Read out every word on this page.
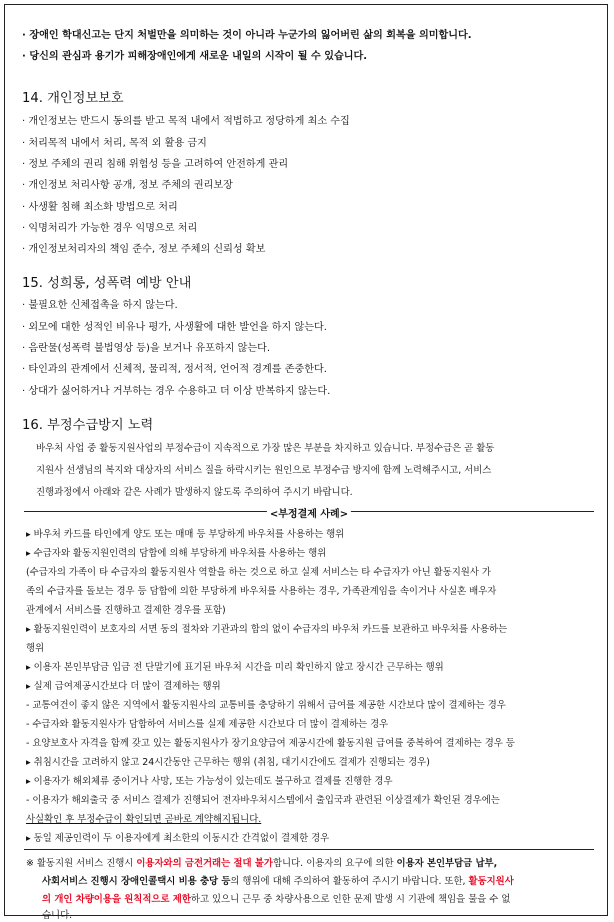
· 장애인 학대신고는 단지 처벌만을 의미하는 것이 아니라 누군가의 잃어버린 삶의 회복을 의미합니다.
· 당신의 관심과 용기가 피해장애인에게 새로운 내일의 시작이 될 수 있습니다.
14. 개인정보보호
· 개인정보는 반드시 동의를 받고 목적 내에서 적법하고 정당하게 최소 수집
· 처리목적 내에서 처리, 목적 외 활용 금지
· 정보 주체의 권리 침해 위험성 등을 고려하여 안전하게 관리
· 개인정보 처리사항 공개, 정보 주체의 권리보장
· 사생활 침해 최소화 방법으로 처리
· 익명처리가 가능한 경우 익명으로 처리
· 개인정보처리자의 책임 준수, 정보 주체의 신뢰성 확보
15. 성희롱, 성폭력 예방 안내
· 불필요한 신체접촉을 하지 않는다.
· 외모에 대한 성적인 비유나 평가, 사생활에 대한 발언을 하지 않는다.
· 음란물(성폭력 불법영상 등)을 보거나 유포하지 않는다.
· 타인과의 관계에서 신체적, 물리적, 정서적, 언어적 경계를 존중한다.
· 상대가 싫어하거나 거부하는 경우 수용하고 더 이상 반복하지 않는다.
16. 부정수급방지 노력
바우처 사업 중 활동지원사업의 부정수급이 지속적으로 가장 많은 부분을 차지하고 있습니다. 부정수급은 곧 활동
지원사 선생님의 복지와 대상자의 서비스 질을 하락시키는 원인으로 부정수급 방지에 함께 노력해주시고, 서비스
진행과정에서 아래와 같은 사례가 발생하지 않도록 주의하여 주시기 바랍니다.
<부정결제 사례>
▸ 바우처 카드를 타인에게 양도 또는 매매 등 부당하게 바우처를 사용하는 행위
▸ 수급자와 활동지원인력의 담합에 의해 부당하게 바우처를 사용하는 행위
(수급자의 가족이 타 수급자의 활동지원사 역할을 하는 것으로 하고 실제 서비스는 타 수급자가 아닌 활동지원사 가
족의 수급자를 돌보는 경우 등 담합에 의한 부당하게 바우처를 사용하는 경우, 가족관계임을 속이거나 사실혼 배우자
관계에서 서비스를 진행하고 결제한 경우를 포함)
▸ 활동지원인력이 보호자의 서면 동의 절차와 기관과의 합의 없이 수급자의 바우처 카드를 보관하고 바우처를 사용하는
행위
▸ 이용자 본인부담금 입금 전 단말기에 표기된 바우처 시간을 미리 확인하지 않고 장시간 근무하는 행위
▸ 실제 급여제공시간보다 더 많이 결제하는 행위
- 교통여건이 좋지 않은 지역에서 활동지원사의 교통비를 충당하기 위해서 급여를 제공한 시간보다 많이 결제하는 경우
- 수급자와 활동지원사가 담합하여 서비스를 실제 제공한 시간보다 더 많이 결제하는 경우
- 요양보호사 자격을 함께 갖고 있는 활동지원사가 장기요양급여 제공시간에 활동지원 급여를 중복하여 결제하는 경우 등
▸ 취침시간을 고려하지 않고 24시간동안 근무하는 행위 (취침, 대기시간에도 결제가 진행되는 경우)
▸ 이용자가 해외체류 중이거나 사망, 또는 가능성이 있는데도 불구하고 결제를 진행한 경우
- 이용자가 해외출국 중 서비스 결제가 진행되어 전자바우처시스템에서 출입국과 관련된 이상결제가 확인된 경우에는
사실확인 후 부정수급이 확인되면 곧바로 계약해지됩니다.
▸ 동일 제공인력이 두 이용자에게 최소한의 이동시간 간격없이 결제한 경우
※ 활동지원 서비스 진행시 이용자와의 금전거래는 절대 불가합니다. 이용자의 요구에 의한 이용자 본인부담금 납부,
사회서비스 진행시 장애인콜택시 비용 충당 등의 행위에 대해 주의하여 활동하여 주시기 바랍니다. 또한, 활동지원사
의 개인 차량이용을 원칙적으로 제한하고 있으니 근무 중 차량사용으로 인한 문제 발생 시 기관에 책임을 물을 수 없
습니다.
